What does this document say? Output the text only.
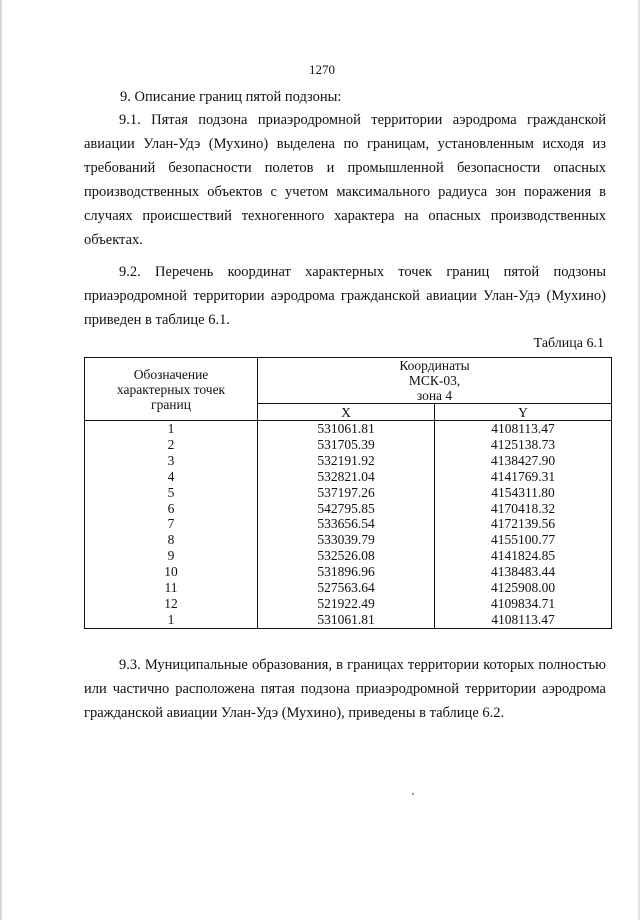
1270
9. Описание границ пятой подзоны:

9.1. Пятая подзона приаэродромной территории аэродрома гражданской авиации Улан-Удэ (Мухино) выделена по границам, установленным исходя из требований безопасности полетов и промышленной безопасности опасных производственных объектов с учетом максимального радиуса зон поражения в случаях происшествий техногенного характера на опасных производственных объектах.

9.2. Перечень координат характерных точек границ пятой подзоны приаэродромной территории аэродрома гражданской авиации Улан-Удэ (Мухино) приведен в таблице 6.1.

Таблица 6.1
Обозначение характерных точек границ	Координаты МСК-03, зона 4	
	X	Y
1	531061.81	4108113.47
2	531705.39	4125138.73
3	532191.92	4138427.90
4	532821.04	4141769.31
5	537197.26	4154311.80
6	542795.85	4170418.32
7	533656.54	4172139.56
8	533039.79	4155100.77
9	532526.08	4141824.85
10	531896.96	4138483.44
11	527563.64	4125908.00
12	521922.49	4109834.71
1	531061.81	4108113.47

9.3. Муниципальные образования, в границах территории которых полностью или частично расположена пятая подзона приаэродромной территории аэродрома гражданской авиации Улан-Удэ (Мухино), приведены в таблице 6.2.
